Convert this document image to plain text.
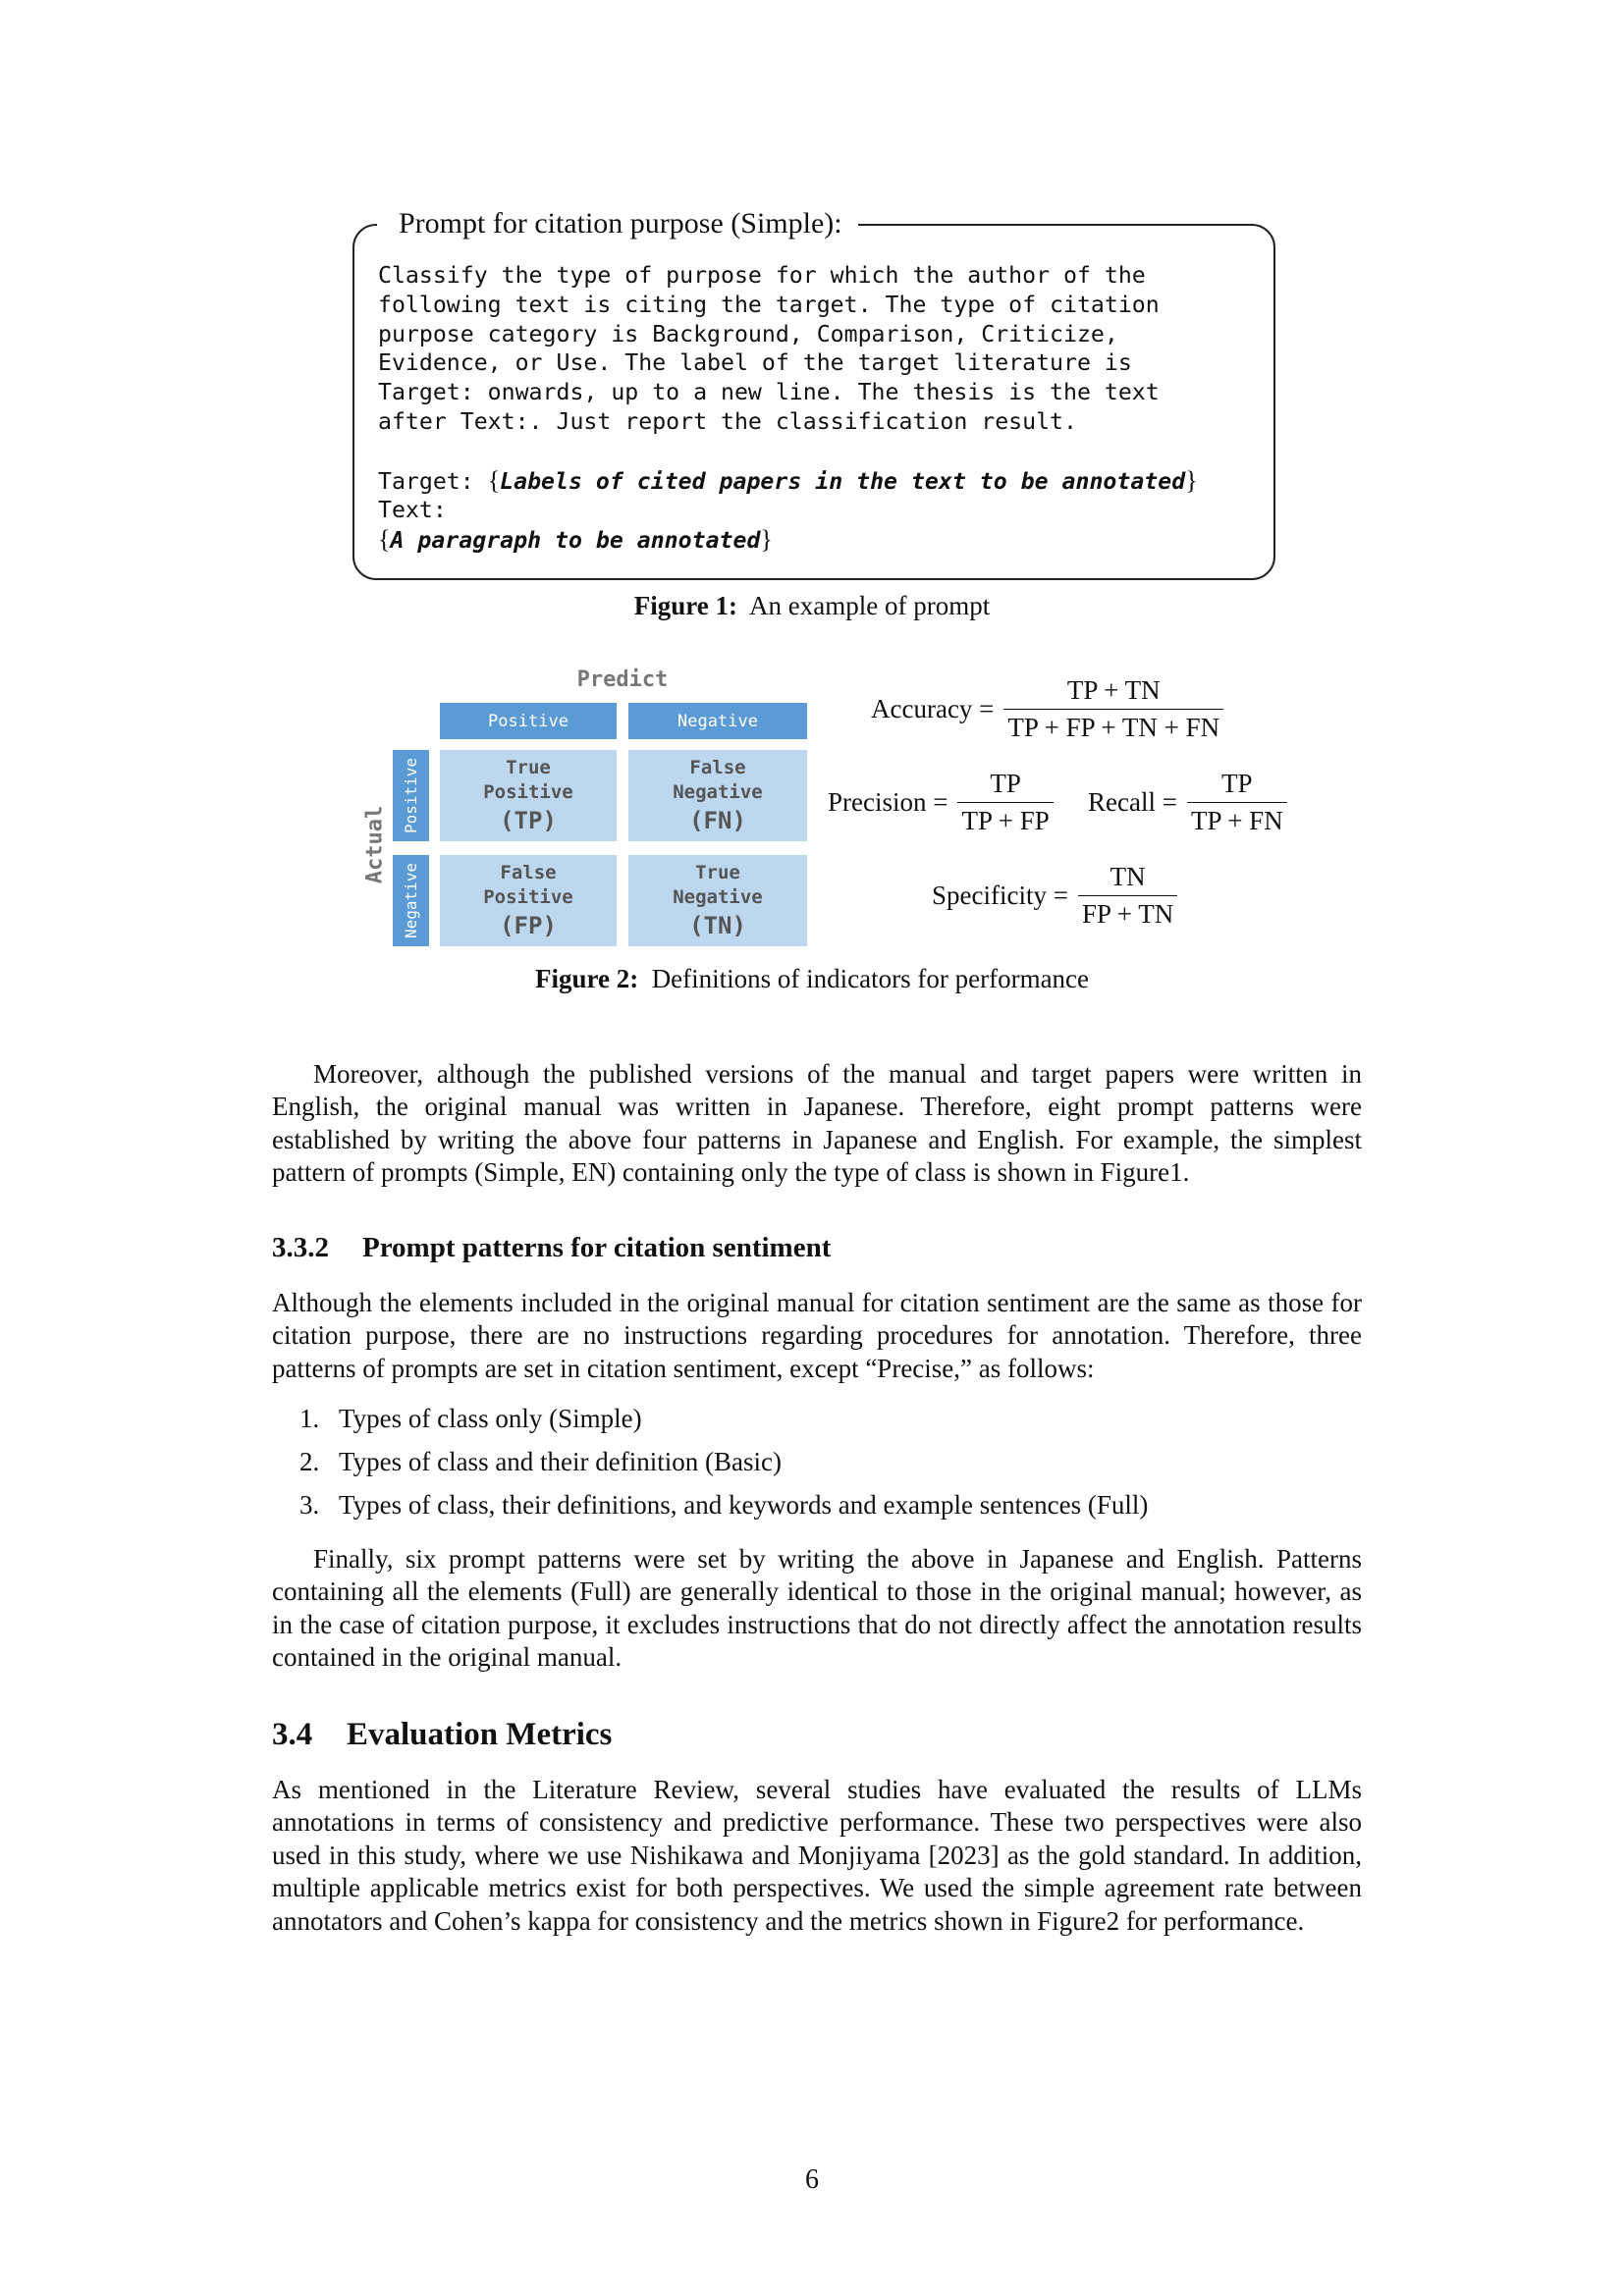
Prompt for citation purpose (Simple):
Classify the type of purpose for which the author of the
following text is citing the target. The type of citation
purpose category is Background, Comparison, Criticize,
Evidence, or Use. The label of the target literature is
Target: onwards, up to a new line. The thesis is the text
after Text:. Just report the classification result.

Target: {Labels of cited papers in the text to be annotated}
Text:
{A paragraph to be annotated}
Figure 1: An example of prompt
Predict
Actual
Positive	Negative
Positive
Negative
True
Positive
(TP)
False
Negative
(FN)
False
Positive
(FP)
True
Negative
(TN)
Accuracy = $\frac{TP + TN}{TP + FP + TN + FN}$
Precision = $\frac{TP}{TP + FP}$ Recall = $\frac{TP}{TP + FN}$
Specificity = $\frac{TN}{FP + TN}$
Figure 2: Definitions of indicators for performance
Moreover, although the published versions of the manual and target papers were written in English, the original manual was written in Japanese. Therefore, eight prompt patterns were established by writing the above four patterns in Japanese and English. For example, the simplest pattern of prompts (Simple, EN) containing only the type of class is shown in Figure1.
3.3.2 Prompt patterns for citation sentiment
Although the elements included in the original manual for citation sentiment are the same as those for citation purpose, there are no instructions regarding procedures for annotation. Therefore, three patterns of prompts are set in citation sentiment, except “Precise,” as follows:
1. Types of class only (Simple)
2. Types of class and their definition (Basic)
3. Types of class, their definitions, and keywords and example sentences (Full)
Finally, six prompt patterns were set by writing the above in Japanese and English. Patterns containing all the elements (Full) are generally identical to those in the original manual; however, as in the case of citation purpose, it excludes instructions that do not directly affect the annotation results contained in the original manual.
3.4 Evaluation Metrics
As mentioned in the Literature Review, several studies have evaluated the results of LLMs annotations in terms of consistency and predictive performance. These two perspectives were also used in this study, where we use Nishikawa and Monjiyama [2023] as the gold standard. In addition, multiple applicable metrics exist for both perspectives. We used the simple agreement rate between annotators and Cohen’s kappa for consistency and the metrics shown in Figure2 for performance.
6
